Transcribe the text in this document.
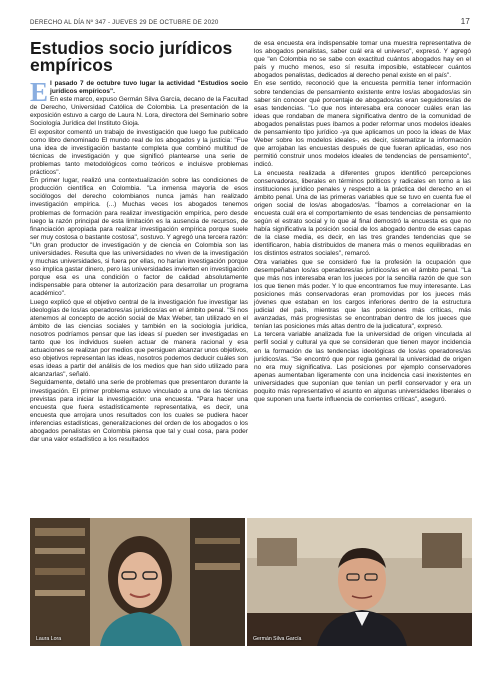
DERECHO AL DÍA Nº 347 - JUEVES 29 DE OCTUBRE DE 2020	17
Estudios socio jurídicos empíricos

El pasado 7 de octubre tuvo lugar la actividad "Estudios socio jurídicos empíricos".

En este marco, expuso Germán Silva García, decano de la Facultad de Derecho, Universidad Católica de Colombia. La presentación de la exposición estuvo a cargo de Laura N. Lora, directora del Seminario sobre Sociología Jurídica del Instituto Gioja.

El expositor comentó un trabajo de investigación que luego fue publicado como libro denominado El mundo real de los abogados y la justicia: "Fue una idea de investigación bastante completa que combinó multitud de técnicas de investigación y que significó plantearse una serie de problemas tanto metodológicos como teóricos e incluisve problemas prácticos".

En primer lugar, realizó una contextualización sobre las condiciones de producción científica en Colombia. "La inmensa mayoría de esos sociólogos del derecho colombianos nunca jamás han realizado investigación empírica. (...) Muchas veces los abogados tenemos problemas de formación para realizar investigación empírica, pero desde luego la razón principal de esta limitación es la ausencia de recursos, de financiación apropiada para realizar investigación empírica porque suele ser muy costosa o bastante costosa", sostuvo. Y agregó una tercera razón: "Un gran productor de investigación y de ciencia en Colombia son las universidades. Resulta que las universidades no viven de la investigación y muchas universidades, si fuera por ellas, no harían investigación porque eso implica gastar dinero, pero las universidades invierten en investigación porque esa es una condición o factor de calidad absolutamente indispensable para obtener la autorización para desarrollar un programa académico".

Luego explicó que el objetivo central de la investigación fue investigar las ideologías de los/as operadores/as jurídicos/as en el ámbito penal. "Si nos atenemos al concepto de acción social de Max Weber, tan utilizado en el ámbito de las ciencias sociales y también en la sociología jurídica, nosotros podríamos pensar que las ideas sí pueden ser investigadas en tanto que los individuos suelen actuar de manera racional y esa actuaciones se realizan por medios que persiguen alcanzar unos objetivos, eso objetivos representan las ideas, nosotros podemos deducir cuáles son esas ideas a partir del análisis de los medios que han sido utilizado para alcanzarlas", señaló.

Seguidamente, detalló una serie de problemas que presentaron durante la investigación. El primer problema estuvo vinculado a una de las técnicas previstas para iniciar la investigación: una encuesta. "Para hacer una encuesta que fuera estadísticamente representativa, es decir, una encuesta que arrojara unos resultados con los cuales se pudiera hacer inferencias estadísticas, generalizaciones del orden de los abogados o los abogados penalistas en Colombia piensa que tal y cual cosa, para poder dar una valor estadístico a los resultados

de esa encuesta era indispensable tomar una muestra representativa de los abogados penalistas, saber cuál era el universo", expresó. Y agregó que "en Colombia no se sabe con exactitud cuántos abogados hay en el país y mucho menos, eso sí resulta imposible, establecer cuántos abogados penalistas, dedicados al derecho penal existe en el país".

En ese sentido, reconoció que la encuesta permitía tener información sobre tendencias de pensamiento existente entre los/as abogados/as sin saber sin conocer qué porcentaje de abogados/as eran seguidores/as de esas tendencias. "Lo que nos interesaba era conocer cuáles eran las ideas que rondaban de manera significativa dentro de la comunidad de abogados penalistas pues íbamos a poder reformar unos modelos ideales de pensamiento tipo jurídico -ya que aplicamos un poco la ideas de Max Weber sobre los modelos ideales-, es decir, sistematizar la información que arrojaban las encuestas después de que fueran aplicadas, eso nos permitió construir unos modelos ideales de tendencias de pensamiento", indicó.

La encuesta realizada a diferentes grupos identificó percepciones conservadoras, liberales en términos políticos y radicales en torno a las instituciones jurídico penales y respecto a la práctica del derecho en el ámbito penal. Una de las primeras variables que se tuvo en cuenta fue el origen social de los/as abogados/as. "Íbamos a correlacionar en la encuesta cuál era el comportamiento de esas tendencias de pensamiento según el estrato social y lo que al final demostró la encuesta es que no había significativa la posición social de los abogado dentro de esas capas de la clase media, es decir, en las tres grandes tendencias que se identificaron, había distribuidos de manera más o menos equilibradas en los distintos estratos sociales", remarcó.

Otra variables que se consideró fue la profesión la ocupación que desempeñaban los/as operadores/as jurídicos/as en el ámbito penal. "La que más nos interesaba eran los jueces por la sencilla razón de que son los que tienen más poder. Y lo que encontramos fue muy interesante. Las posiciones más conservadoras eran promovidas por los jueces más jóvenes que estaban en los cargos inferiores dentro de la estructura judicial del país, mientras que las posiciones más críticas, más avanzadas, más progresistas se encontraban dentro de los jueces que tenían las posiciones más altas dentro de la judicatura", expresó.

La tercera variable analizada fue la universidad de origen vinculada al perfil social y cultural ya que se consideran que tienen mayor incidencia en la formación de las tendencias ideológicas de los/as operadores/as jurídicos/as. "Se encontró que por regla general la universidad de origen no era muy significativa. Las posiciones por ejemplo conservadores apenas aumentaban ligeramente con una incidencia casi inexistentes en universidades que suponían que tenían un perfil conservador y era un poquito más representativo el asunto en algunas universidades liberales o que suponen una fuerte influencia de corrientes críticas", aseguró.

Laura Lora	Germán Silva García
